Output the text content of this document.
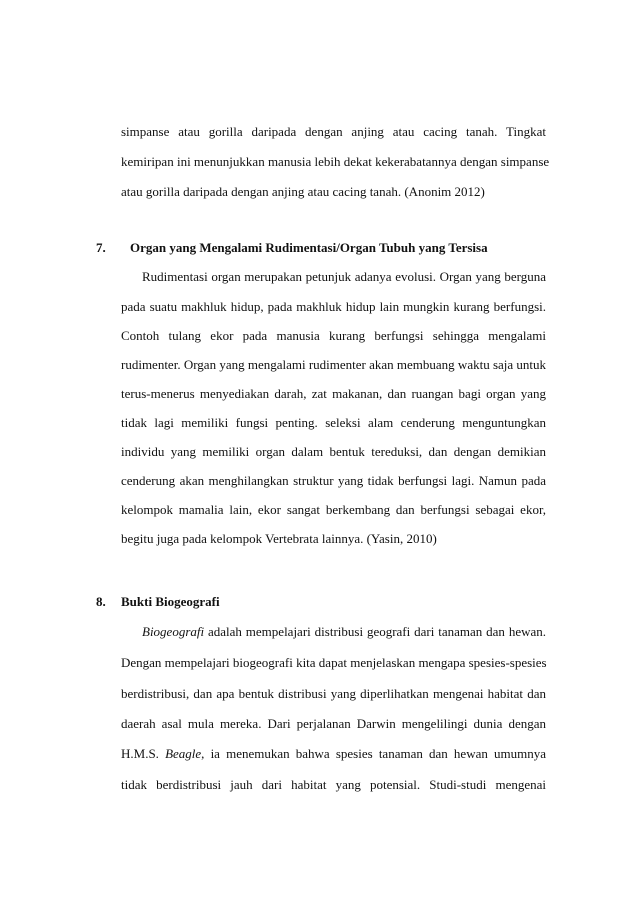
simpanse atau gorilla daripada dengan anjing atau cacing tanah. Tingkat
kemiripan ini menunjukkan manusia lebih dekat kekerabatannya dengan simpanse
atau gorilla daripada dengan anjing atau cacing tanah. (Anonim 2012)
7. Organ yang Mengalami Rudimentasi/Organ Tubuh yang Tersisa
Rudimentasi organ merupakan petunjuk adanya evolusi. Organ yang berguna
pada suatu makhluk hidup, pada makhluk hidup lain mungkin kurang berfungsi.
Contoh tulang ekor pada manusia kurang berfungsi sehingga mengalami
rudimenter. Organ yang mengalami rudimenter akan membuang waktu saja untuk
terus-menerus menyediakan darah, zat makanan, dan ruangan bagi organ yang
tidak lagi memiliki fungsi penting. seleksi alam cenderung menguntungkan
individu yang memiliki organ dalam bentuk tereduksi, dan dengan demikian
cenderung akan menghilangkan struktur yang tidak berfungsi lagi. Namun pada
kelompok mamalia lain, ekor sangat berkembang dan berfungsi sebagai ekor,
begitu juga pada kelompok Vertebrata lainnya. (Yasin, 2010)
8. Bukti Biogeografi
Biogeografi adalah mempelajari distribusi geografi dari tanaman dan hewan.
Dengan mempelajari biogeografi kita dapat menjelaskan mengapa spesies-spesies
berdistribusi, dan apa bentuk distribusi yang diperlihatkan mengenai habitat dan
daerah asal mula mereka. Dari perjalanan Darwin mengelilingi dunia dengan
H.M.S. Beagle, ia menemukan bahwa spesies tanaman dan hewan umumnya
tidak berdistribusi jauh dari habitat yang potensial. Studi-studi mengenai
